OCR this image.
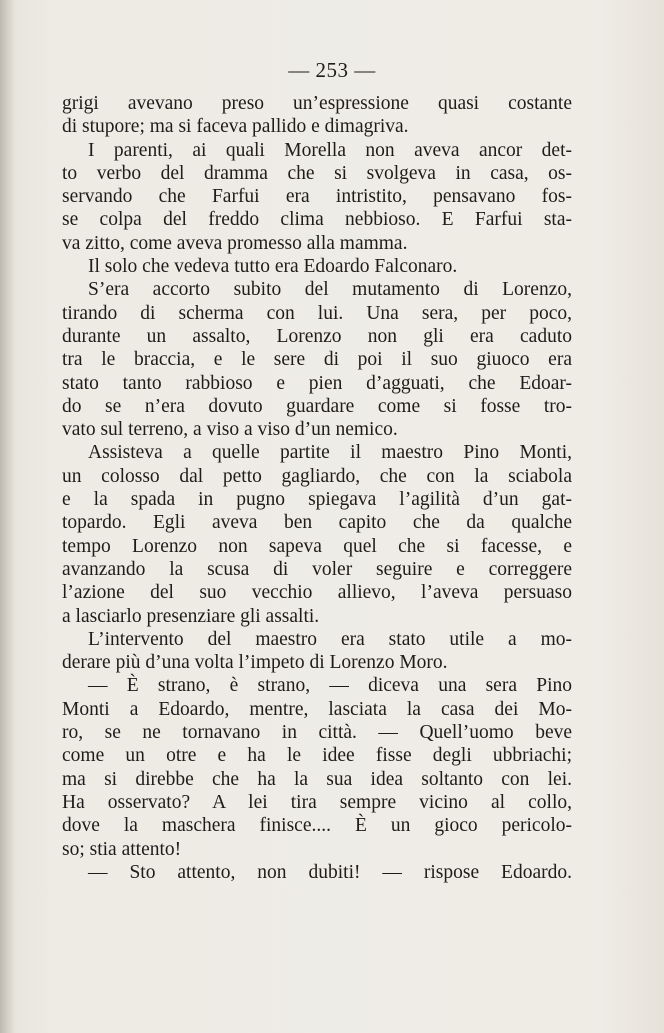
— 253 —
grigi avevano preso un’espressione quasi costante
di stupore; ma si faceva pallido e dimagriva.
I parenti, ai quali Morella non aveva ancor det-
to verbo del dramma che si svolgeva in casa, os-
servando che Farfui era intristito, pensavano fos-
se colpa del freddo clima nebbioso. E Farfui sta-
va zitto, come aveva promesso alla mamma.
Il solo che vedeva tutto era Edoardo Falconaro.
S’era accorto subito del mutamento di Lorenzo,
tirando di scherma con lui. Una sera, per poco,
durante un assalto, Lorenzo non gli era caduto
tra le braccia, e le sere di poi il suo giuoco era
stato tanto rabbioso e pien d’agguati, che Edoar-
do se n’era dovuto guardare come si fosse tro-
vato sul terreno, a viso a viso d’un nemico.
Assisteva a quelle partite il maestro Pino Monti,
un colosso dal petto gagliardo, che con la sciabola
e la spada in pugno spiegava l’agilità d’un gat-
topardo. Egli aveva ben capito che da qualche
tempo Lorenzo non sapeva quel che si facesse, e
avanzando la scusa di voler seguire e correggere
l’azione del suo vecchio allievo, l’aveva persuaso
a lasciarlo presenziare gli assalti.
L’intervento del maestro era stato utile a mo-
derare più d’una volta l’impeto di Lorenzo Moro.
— È strano, è strano, — diceva una sera Pino
Monti a Edoardo, mentre, lasciata la casa dei Mo-
ro, se ne tornavano in città. — Quell’uomo beve
come un otre e ha le idee fisse degli ubbriachi;
ma si direbbe che ha la sua idea soltanto con lei.
Ha osservato? A lei tira sempre vicino al collo,
dove la maschera finisce.... È un gioco pericolo-
so; stia attento!
— Sto attento, non dubiti! — rispose Edoardo.
